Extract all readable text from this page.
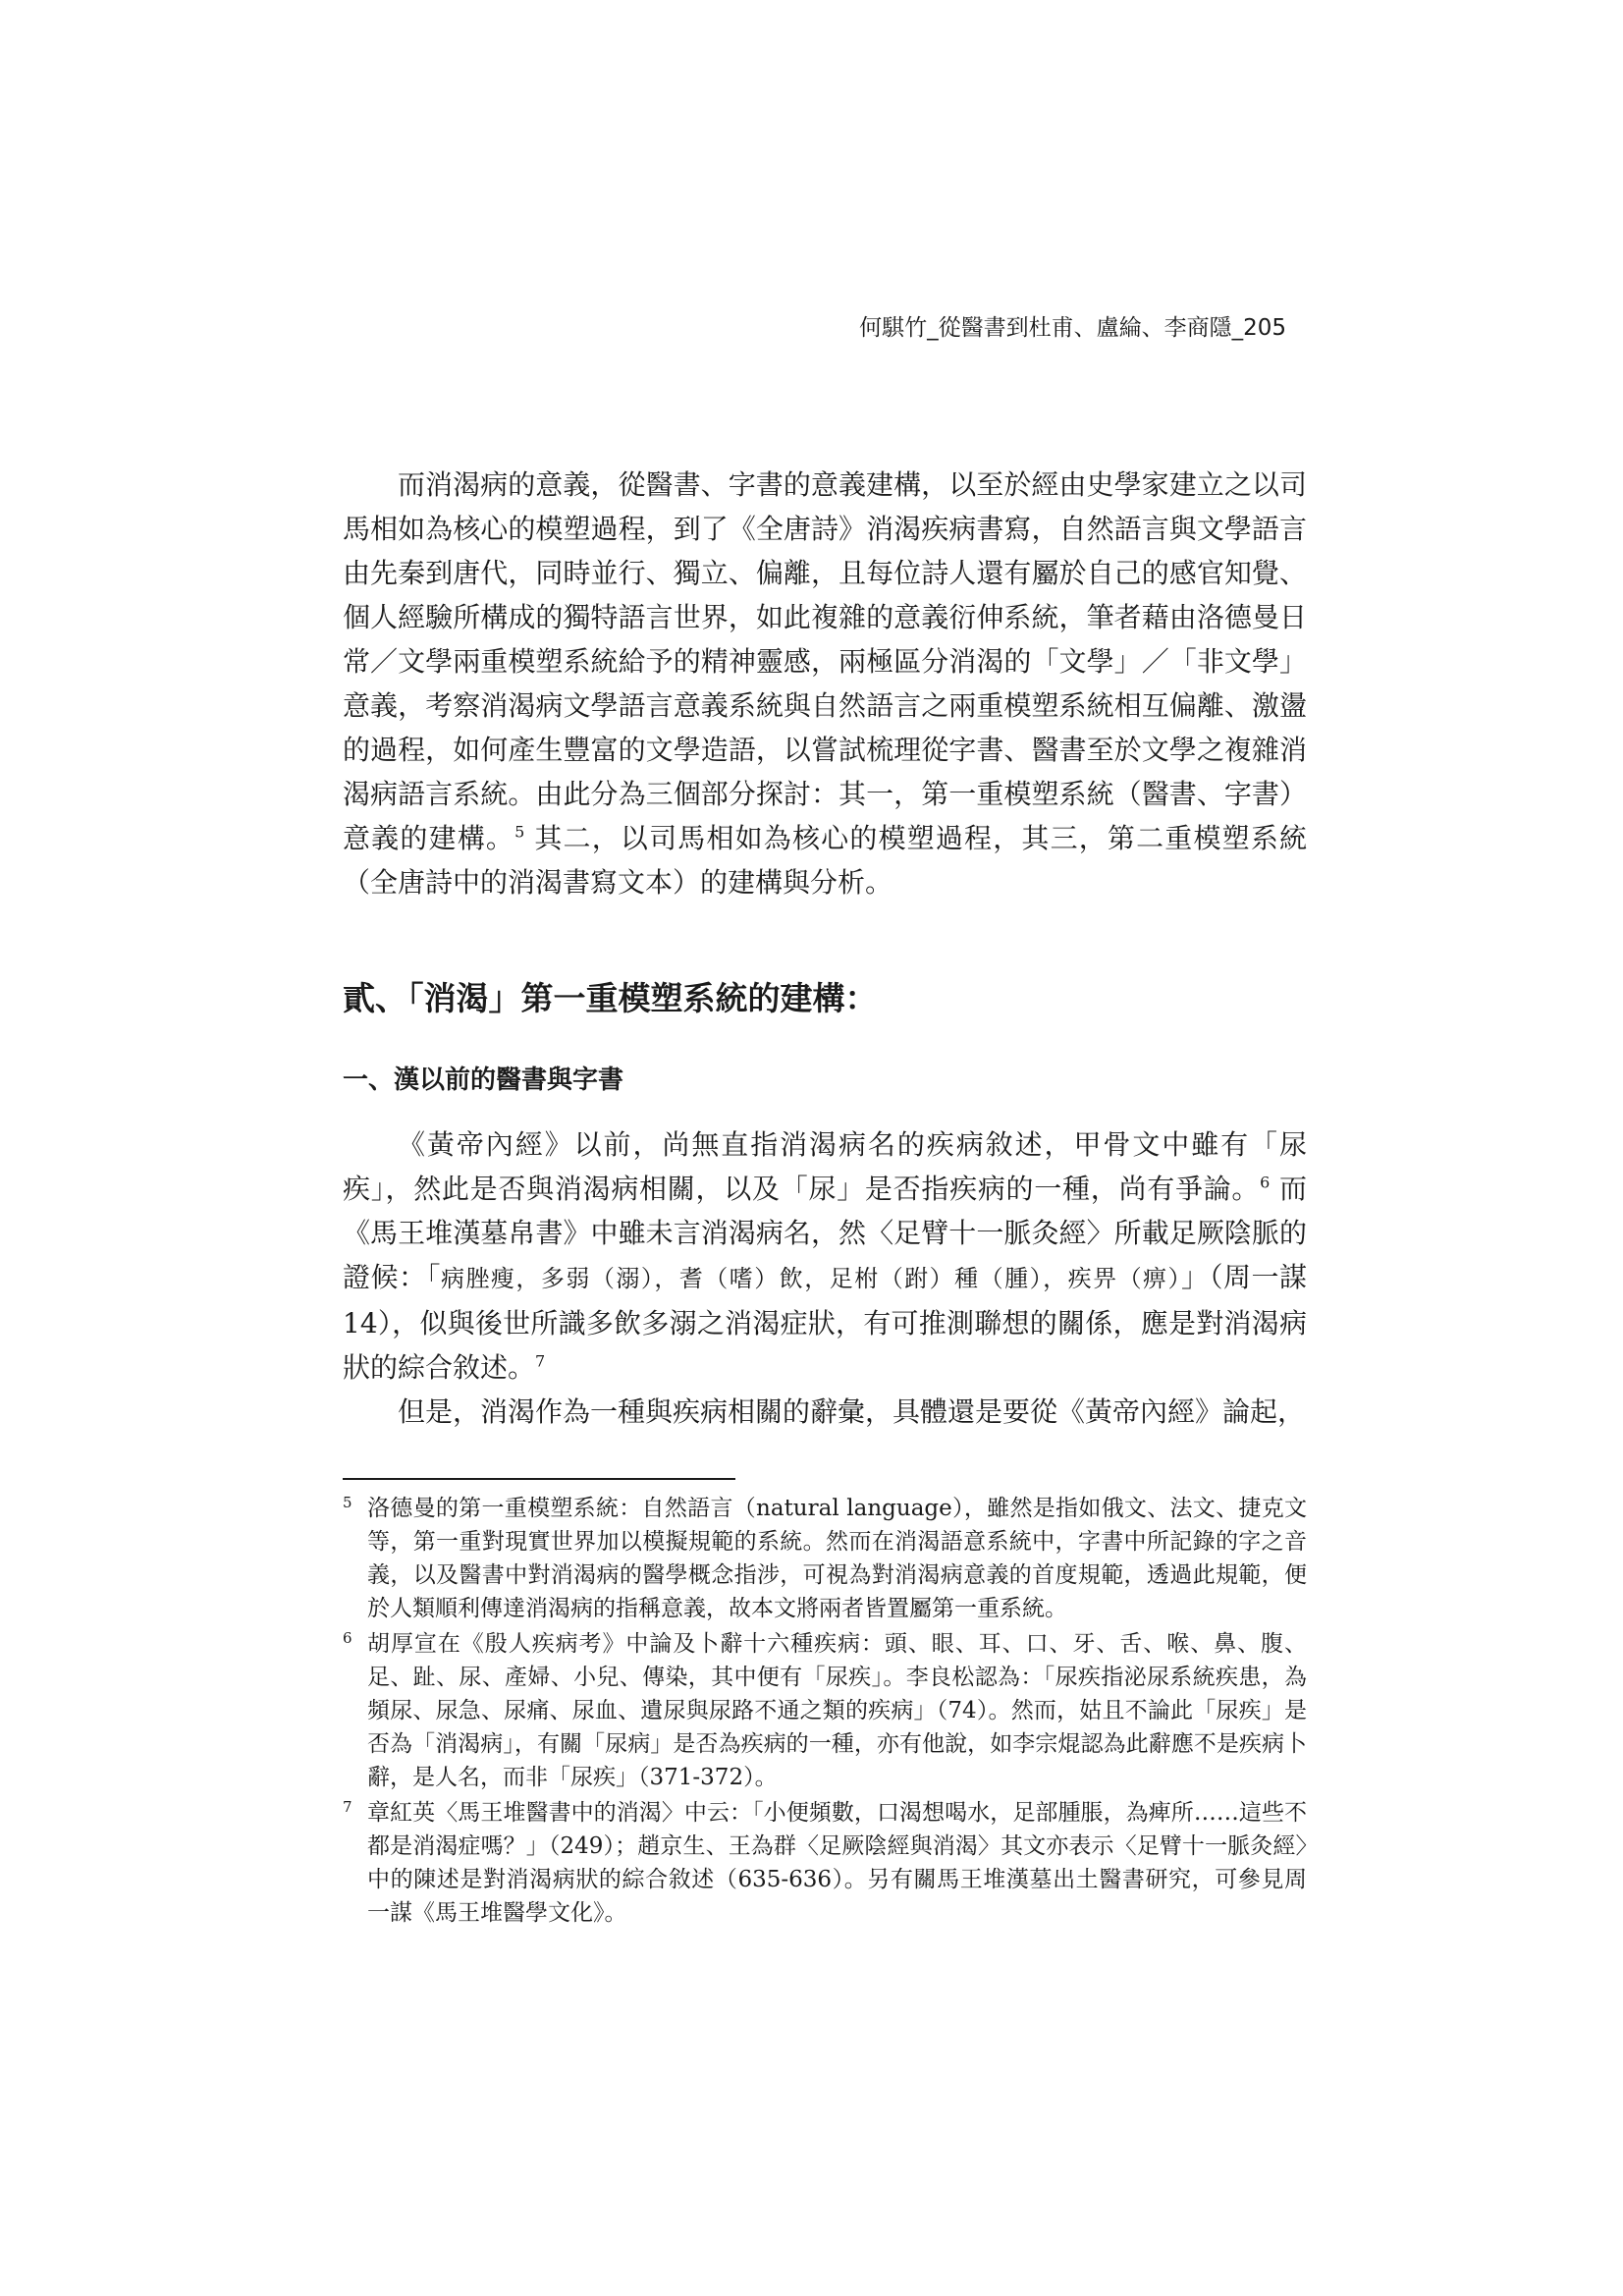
何騏竹_從醫書到杜甫、盧綸、李商隱_205

而消渴病的意義，從醫書、字書的意義建構，以至於經由史學家建立之以司馬相如為核心的模塑過程，到了《全唐詩》消渴疾病書寫，自然語言與文學語言由先秦到唐代，同時並行、獨立、偏離，且每位詩人還有屬於自己的感官知覺、個人經驗所構成的獨特語言世界，如此複雜的意義衍伸系統，筆者藉由洛德曼日常／文學兩重模塑系統給予的精神靈感，兩極區分消渴的「文學」／「非文學」意義，考察消渴病文學語言意義系統與自然語言之兩重模塑系統相互偏離、激盪的過程，如何產生豐富的文學造語，以嘗試梳理從字書、醫書至於文學之複雜消渴病語言系統。由此分為三個部分探討：其一，第一重模塑系統（醫書、字書）意義的建構。$^5$ 其二，以司馬相如為核心的模塑過程，其三，第二重模塑系統（全唐詩中的消渴書寫文本）的建構與分析。

貳、「消渴」第一重模塑系統的建構：
一、漢以前的醫書與字書

《黃帝內經》以前，尚無直指消渴病名的疾病敘述，甲骨文中雖有「尿疾」，然此是否與消渴病相關，以及「尿」是否指疾病的一種，尚有爭論。$^6$ 而《馬王堆漢墓帛書》中雖未言消渴病名，然〈足臂十一脈灸經〉所載足厥陰脈的證候：「病脞瘦，多弱（溺），耆（嗜）飲，足柎（跗）種（腫），疾畀（痹）」（周一謀 14），似與後世所識多飲多溺之消渴症狀，有可推測聯想的關係，應是對消渴病狀的綜合敘述。$^7$

但是，消渴作為一種與疾病相關的辭彙，具體還是要從《黃帝內經》論起，

5 洛德曼的第一重模塑系統：自然語言（natural language），雖然是指如俄文、法文、捷克文等，第一重對現實世界加以模擬規範的系統。然而在消渴語意系統中，字書中所記錄的字之音義，以及醫書中對消渴病的醫學概念指涉，可視為對消渴病意義的首度規範，透過此規範，便於人類順利傳達消渴病的指稱意義，故本文將兩者皆置屬第一重系統。

6 胡厚宣在《殷人疾病考》中論及卜辭十六種疾病：頭、眼、耳、口、牙、舌、喉、鼻、腹、足、趾、尿、產婦、小兒、傳染，其中便有「尿疾」。李良松認為：「尿疾指泌尿系統疾患，為頻尿、尿急、尿痛、尿血、遺尿與尿路不通之類的疾病」（74）。然而，姑且不論此「尿疾」是否為「消渴病」，有關「尿病」是否為疾病的一種，亦有他說，如李宗焜認為此辭應不是疾病卜辭，是人名，而非「尿疾」（371-372）。

7 章紅英〈馬王堆醫書中的消渴〉中云：「小便頻數，口渴想喝水，足部腫脹，為痺所……這些不都是消渴症嗎？」（249）；趙京生、王為群〈足厥陰經與消渴〉其文亦表示〈足臂十一脈灸經〉中的陳述是對消渴病狀的綜合敘述（635-636）。另有關馬王堆漢墓出土醫書研究，可參見周一謀《馬王堆醫學文化》。
